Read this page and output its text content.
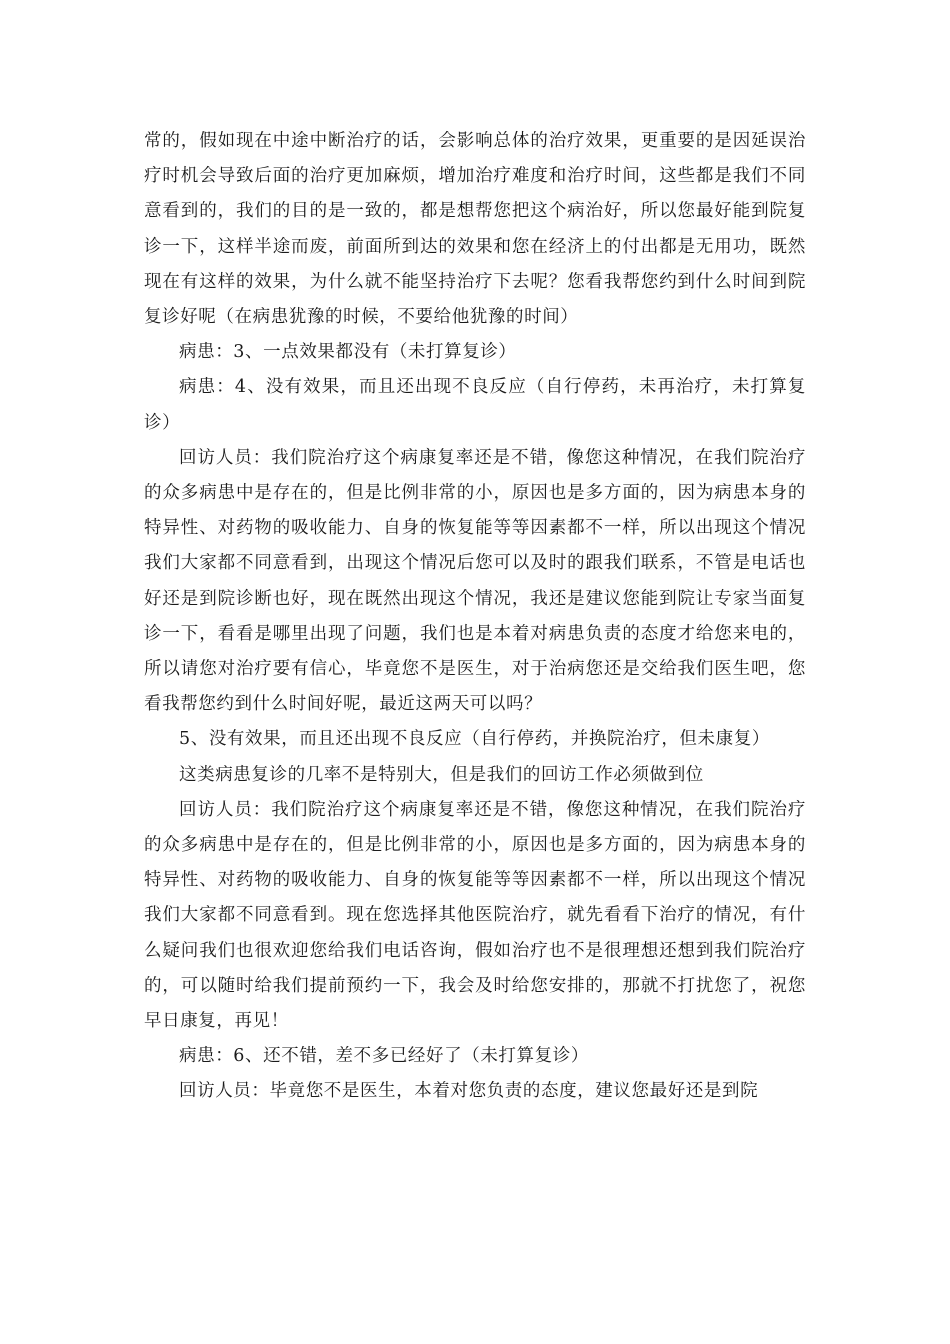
常的，假如现在中途中断治疗的话，会影响总体的治疗效果，更重要的是因延误治疗时机会导致后面的治疗更加麻烦，增加治疗难度和治疗时间，这些都是我们不同意看到的，我们的目的是一致的，都是想帮您把这个病治好，所以您最好能到院复诊一下，这样半途而废，前面所到达的效果和您在经济上的付出都是无用功，既然现在有这样的效果，为什么就不能坚持治疗下去呢？您看我帮您约到什么时间到院复诊好呢（在病患犹豫的时候，不要给他犹豫的时间）

病患：3、一点效果都没有（未打算复诊）

病患：4、没有效果，而且还出现不良反应（自行停药，未再治疗，未打算复诊）

回访人员：我们院治疗这个病康复率还是不错，像您这种情况，在我们院治疗的众多病患中是存在的，但是比例非常的小，原因也是多方面的，因为病患本身的特异性、对药物的吸收能力、自身的恢复能等等因素都不一样，所以出现这个情况我们大家都不同意看到，出现这个情况后您可以及时的跟我们联系，不管是电话也好还是到院诊断也好，现在既然出现这个情况，我还是建议您能到院让专家当面复诊一下，看看是哪里出现了问题，我们也是本着对病患负责的态度才给您来电的，所以请您对治疗要有信心，毕竟您不是医生，对于治病您还是交给我们医生吧，您看我帮您约到什么时间好呢，最近这两天可以吗？

5、没有效果，而且还出现不良反应（自行停药，并换院治疗，但未康复）

这类病患复诊的几率不是特别大，但是我们的回访工作必须做到位

回访人员：我们院治疗这个病康复率还是不错，像您这种情况，在我们院治疗的众多病患中是存在的，但是比例非常的小，原因也是多方面的，因为病患本身的特异性、对药物的吸收能力、自身的恢复能等等因素都不一样，所以出现这个情况我们大家都不同意看到。现在您选择其他医院治疗，就先看看下治疗的情况，有什么疑问我们也很欢迎您给我们电话咨询，假如治疗也不是很理想还想到我们院治疗的，可以随时给我们提前预约一下，我会及时给您安排的，那就不打扰您了，祝您早日康复，再见！

病患：6、还不错，差不多已经好了（未打算复诊）

回访人员：毕竟您不是医生，本着对您负责的态度，建议您最好还是到院
